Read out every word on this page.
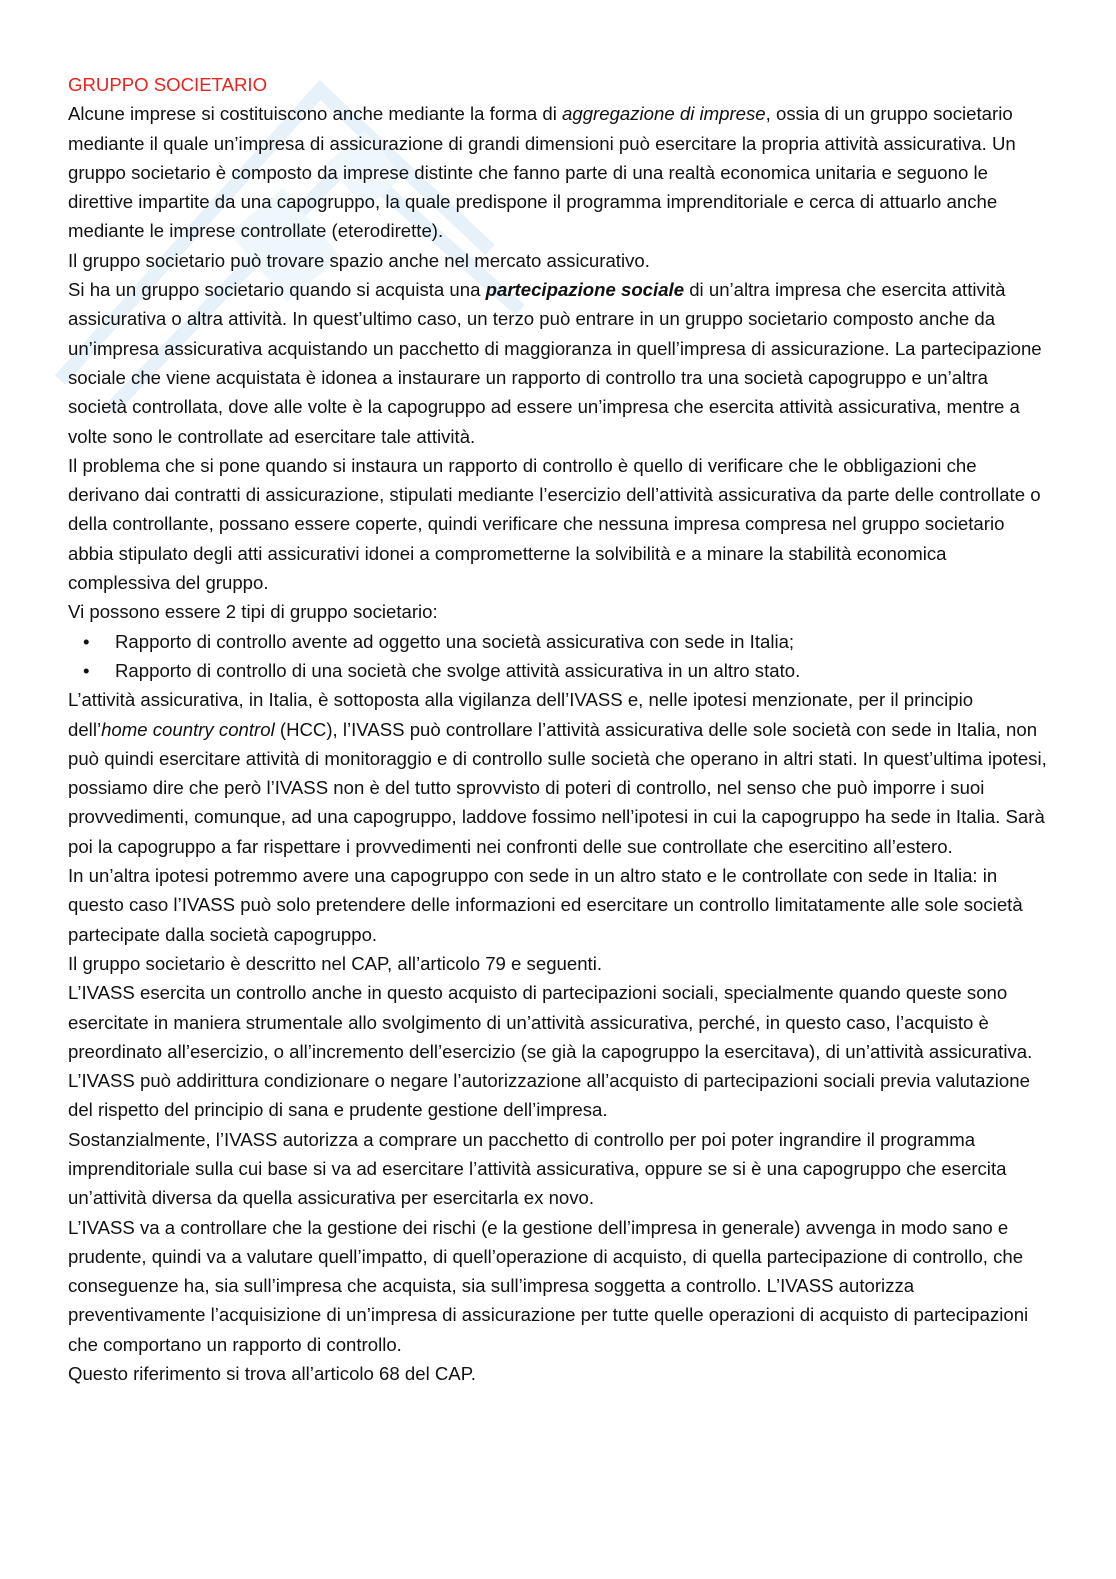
GRUPPO SOCIETARIO

Alcune imprese si costituiscono anche mediante la forma di aggregazione di imprese, ossia di un gruppo societario mediante il quale un’impresa di assicurazione di grandi dimensioni può esercitare la propria attività assicurativa. Un gruppo societario è composto da imprese distinte che fanno parte di una realtà economica unitaria e seguono le direttive impartite da una capogruppo, la quale predispone il programma imprenditoriale e cerca di attuarlo anche mediante le imprese controllate (eterodirette).

Il gruppo societario può trovare spazio anche nel mercato assicurativo.

Si ha un gruppo societario quando si acquista una partecipazione sociale di un’altra impresa che esercita attività assicurativa o altra attività. In quest’ultimo caso, un terzo può entrare in un gruppo societario composto anche da un’impresa assicurativa acquistando un pacchetto di maggioranza in quell’impresa di assicurazione. La partecipazione sociale che viene acquistata è idonea a instaurare un rapporto di controllo tra una società capogruppo e un’altra società controllata, dove alle volte è la capogruppo ad essere un’impresa che esercita attività assicurativa, mentre a volte sono le controllate ad esercitare tale attività.

Il problema che si pone quando si instaura un rapporto di controllo è quello di verificare che le obbligazioni che derivano dai contratti di assicurazione, stipulati mediante l’esercizio dell’attività assicurativa da parte delle controllate o della controllante, possano essere coperte, quindi verificare che nessuna impresa compresa nel gruppo societario abbia stipulato degli atti assicurativi idonei a comprometterne la solvibilità e a minare la stabilità economica complessiva del gruppo.

Vi possono essere 2 tipi di gruppo societario:

• Rapporto di controllo avente ad oggetto una società assicurativa con sede in Italia;
• Rapporto di controllo di una società che svolge attività assicurativa in un altro stato.

L’attività assicurativa, in Italia, è sottoposta alla vigilanza dell’IVASS e, nelle ipotesi menzionate, per il principio dell’home country control (HCC), l’IVASS può controllare l’attività assicurativa delle sole società con sede in Italia, non può quindi esercitare attività di monitoraggio e di controllo sulle società che operano in altri stati. In quest’ultima ipotesi, possiamo dire che però l’IVASS non è del tutto sprovvisto di poteri di controllo, nel senso che può imporre i suoi provvedimenti, comunque, ad una capogruppo, laddove fossimo nell’ipotesi in cui la capogruppo ha sede in Italia. Sarà poi la capogruppo a far rispettare i provvedimenti nei confronti delle sue controllate che esercitino all’estero.

In un’altra ipotesi potremmo avere una capogruppo con sede in un altro stato e le controllate con sede in Italia: in questo caso l’IVASS può solo pretendere delle informazioni ed esercitare un controllo limitatamente alle sole società partecipate dalla società capogruppo.

Il gruppo societario è descritto nel CAP, all’articolo 79 e seguenti.

L’IVASS esercita un controllo anche in questo acquisto di partecipazioni sociali, specialmente quando queste sono esercitate in maniera strumentale allo svolgimento di un’attività assicurativa, perché, in questo caso, l’acquisto è preordinato all’esercizio, o all’incremento dell’esercizio (se già la capogruppo la esercitava), di un’attività assicurativa. L’IVASS può addirittura condizionare o negare l’autorizzazione all’acquisto di partecipazioni sociali previa valutazione del rispetto del principio di sana e prudente gestione dell’impresa.

Sostanzialmente, l’IVASS autorizza a comprare un pacchetto di controllo per poi poter ingrandire il programma imprenditoriale sulla cui base si va ad esercitare l’attività assicurativa, oppure se si è una capogruppo che esercita un’attività diversa da quella assicurativa per esercitarla ex novo.

L’IVASS va a controllare che la gestione dei rischi (e la gestione dell’impresa in generale) avvenga in modo sano e prudente, quindi va a valutare quell’impatto, di quell’operazione di acquisto, di quella partecipazione di controllo, che conseguenze ha, sia sull’impresa che acquista, sia sull’impresa soggetta a controllo. L’IVASS autorizza preventivamente l’acquisizione di un’impresa di assicurazione per tutte quelle operazioni di acquisto di partecipazioni che comportano un rapporto di controllo.

Questo riferimento si trova all’articolo 68 del CAP.
